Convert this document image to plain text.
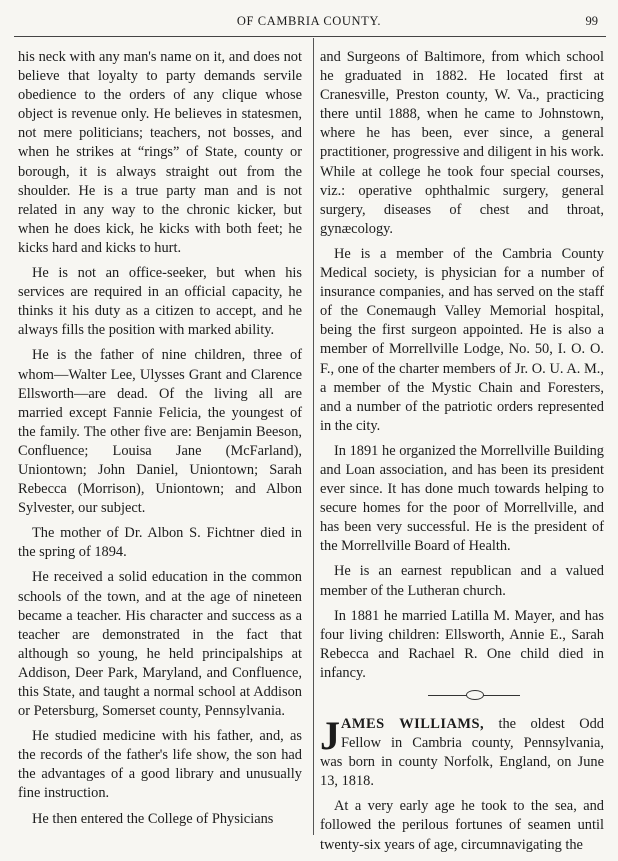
OF CAMBRIA COUNTY.	99

his neck with any man's name on it, and does not believe that loyalty to party demands servile obedience to the orders of any clique whose object is revenue only. He believes in statesmen, not mere politicians; teachers, not bosses, and when he strikes at “rings” of State, county or borough, it is always straight out from the shoulder. He is a true party man and is not related in any way to the chronic kicker, but when he does kick, he kicks with both feet; he kicks hard and kicks to hurt.

He is not an office-seeker, but when his services are required in an official capacity, he thinks it his duty as a citizen to accept, and he always fills the position with marked ability.

He is the father of nine children, three of whom—Walter Lee, Ulysses Grant and Clarence Ellsworth—are dead. Of the living all are married except Fannie Felicia, the youngest of the family. The other five are: Benjamin Beeson, Confluence; Louisa Jane (McFarland), Uniontown; John Daniel, Uniontown; Sarah Rebecca (Morrison), Uniontown; and Albon Sylvester, our subject.

The mother of Dr. Albon S. Fichtner died in the spring of 1894.

He received a solid education in the common schools of the town, and at the age of nineteen became a teacher. His character and success as a teacher are demonstrated in the fact that although so young, he held principalships at Addison, Deer Park, Maryland, and Confluence, this State, and taught a normal school at Addison or Petersburg, Somerset county, Pennsylvania.

He studied medicine with his father, and, as the records of the father's life show, the son had the advantages of a good library and unusually fine instruction.

He then entered the College of Physicians

and Surgeons of Baltimore, from which school he graduated in 1882. He located first at Cranesville, Preston county, W. Va., practicing there until 1888, when he came to Johnstown, where he has been, ever since, a general practitioner, progressive and diligent in his work. While at college he took four special courses, viz.: operative ophthalmic surgery, general surgery, diseases of chest and throat, gynæcology.

He is a member of the Cambria County Medical society, is physician for a number of insurance companies, and has served on the staff of the Conemaugh Valley Memorial hospital, being the first surgeon appointed. He is also a member of Morrellville Lodge, No. 50, I. O. O. F., one of the charter members of Jr. O. U. A. M., a member of the Mystic Chain and Foresters, and a number of the patriotic orders represented in the city.

In 1891 he organized the Morrellville Building and Loan association, and has been its president ever since. It has done much towards helping to secure homes for the poor of Morrellville, and has been very successful. He is the president of the Morrellville Board of Health.

He is an earnest republican and a valued member of the Lutheran church.

In 1881 he married Latilla M. Mayer, and has four living children: Ellsworth, Annie E., Sarah Rebecca and Rachael R. One child died in infancy.

JAMES WILLIAMS, the oldest Odd Fellow in Cambria county, Pennsylvania, was born in county Norfolk, England, on June 13, 1818.

At a very early age he took to the sea, and followed the perilous fortunes of seamen until twenty-six years of age, circumnavigating the
